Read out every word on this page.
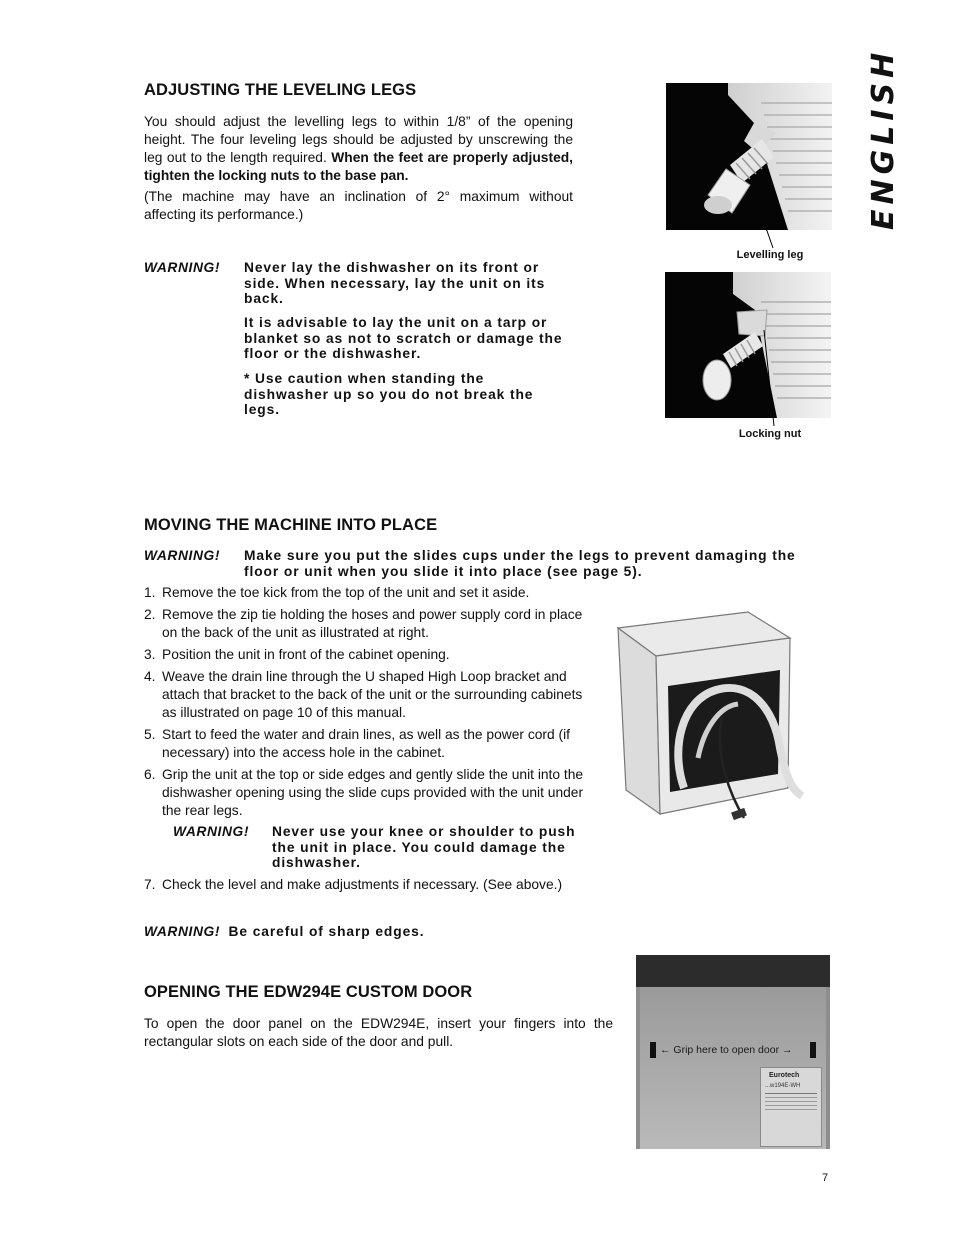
ENGLISH
ADJUSTING THE LEVELING LEGS

You should adjust the levelling legs to within 1/8” of the opening height. The four leveling legs should be adjusted by unscrewing the leg out to the length required. When the feet are properly adjusted, tighten the locking nuts to the base pan.

(The machine may have an inclination of 2° maximum without affecting its performance.)

WARNING! Never lay the dishwasher on its front or side. When necessary, lay the unit on its back.
It is advisable to lay the unit on a tarp or blanket so as not to scratch or damage the floor or the dishwasher.
* Use caution when standing the dishwasher up so you do not break the legs.
Levelling leg
Locking nut
MOVING THE MACHINE INTO PLACE
WARNING! Make sure you put the slides cups under the legs to prevent damaging the floor or unit when you slide it into place (see page 5).
1. Remove the toe kick from the top of the unit and set it aside.
2. Remove the zip tie holding the hoses and power supply cord in place on the back of the unit as illustrated at right.
3. Position the unit in front of the cabinet opening.
4. Weave the drain line through the U shaped High Loop bracket and attach that bracket to the back of the unit or the surrounding cabinets as illustrated on page 10 of this manual.
5. Start to feed the water and drain lines, as well as the power cord (if necessary) into the access hole in the cabinet.
6. Grip the unit at the top or side edges and gently slide the unit into the dishwasher opening using the slide cups provided with the unit under the rear legs.
WARNING! Never use your knee or shoulder to push the unit in place. You could damage the dishwasher.
7. Check the level and make adjustments if necessary. (See above.)
WARNING! Be careful of sharp edges.
OPENING THE EDW294E CUSTOM DOOR

To open the door panel on the EDW294E, insert your fingers into the rectangular slots on each side of the door and pull.

← Grip here to open door →
Eurotech
...w194E-WH
7
